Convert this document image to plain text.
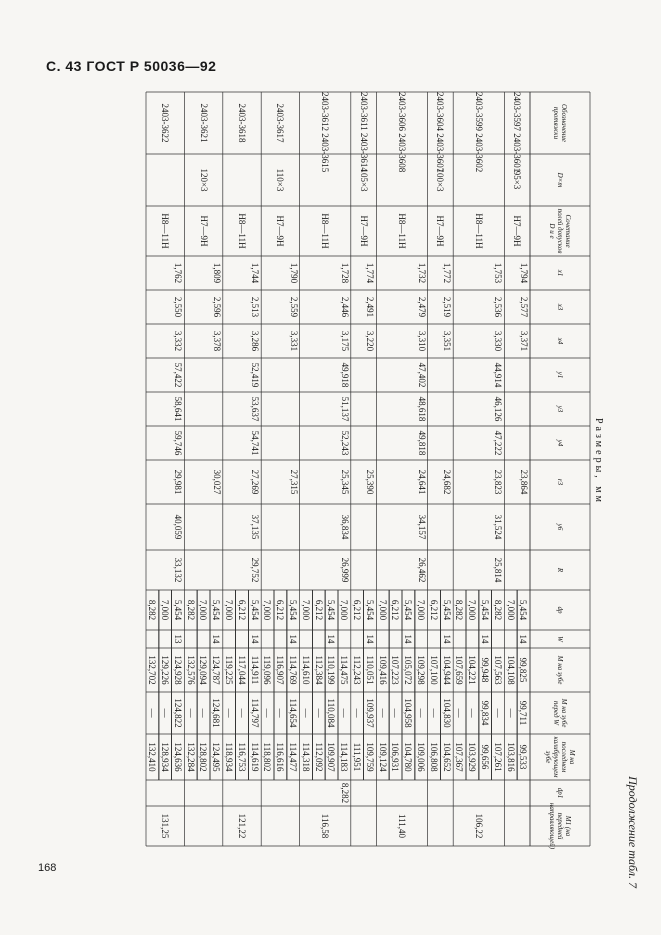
С. 43 ГОСТ Р 50036—92
Продолжение табл. 7
Размеры, мм
Обозначение протяжки
D×m
Сочетание полей допусков D и e
x1
x3
x4
y1
y3
y4
r3
y6
R
dp
W
M на зубе
M на зубе перед W
M на последнем калибрующем зубе
dp1
M1 (на передней направляющей)
2403-3597 2403-3601
95×3
H7—9H
1,794
2,577
3,371
23,864
5,454
7,000
14
99,825
104,108
99,711
—
99,533
103,816
2403-3599 2403-3602
H8—11H
1,753
2,536
3,330
44,914
46,126
47,222
23,823
31,524
25,814
8,282
5,454
7,000
8,282
14
107,563
99,948
104,221
107,659
—
99,834
—
—
107,261
99,656
103,929
107,367
106,22
2403-3604 2403-3607
100×3
H7—9H
1,772
2,519
3,351
24,682
5,454
6,212
14
104,944
107,100
104,830
—
104,652
106,808
2403-3606 2403-3608
H8—11H
1,732
2,479
3,310
47,402
48,618
49,818
24,641
34,157
26,462
7,000
5,454
6,212
7,000
14
109,298
105,072
107,223
109,416
—
104,958
—
—
109,006
104,780
106,931
109,124
111,40
2403-3611 2403-3614
105×3
H7—9H
1,774
2,491
3,220
25,390
5,454
6,212
14
110,051
112,243
109,937
—
109,759
111,951
2403-3612 2403-3615
H8—11H
1,728
2,446
3,175
49,918
51,137
52,243
25,345
36,834
26,999
7,000
5,454
6,212
7,000
14
114,475
110,199
112,384
114,610
—
110,084
—
—
114,183
109,907
112,092
114,318
8,282
116,58
2403-3617
110×3
H7—9H
1,790
2,559
3,331
27,315
5,454
6,212
7,000
14
114,769
116,907
119,096
114,654
—
—
114,477
116,616
118,802
2403-3618
H8—11H
1,744
2,513
3,286
52,419
53,637
54,741
27,269
37,135
29,752
5,454
6,212
7,000
14
114,911
117,044
119,225
114,797
—
—
114,619
116,753
118,934
121,22
2403-3621
120×3
H7—9H
1,809
2,596
3,378
30,027
5,454
7,000
8,282
14
124,787
129,094
132,576
124,681
—
—
124,495
128,802
132,284
2403-3622
H8—11H
1,762
2,550
3,332
57,422
58,641
59,746
29,981
40,059
33,132
5,454
7,000
8,282
13
124,928
129,226
132,702
124,822
—
—
124,636
128,934
132,410
131,25
168
